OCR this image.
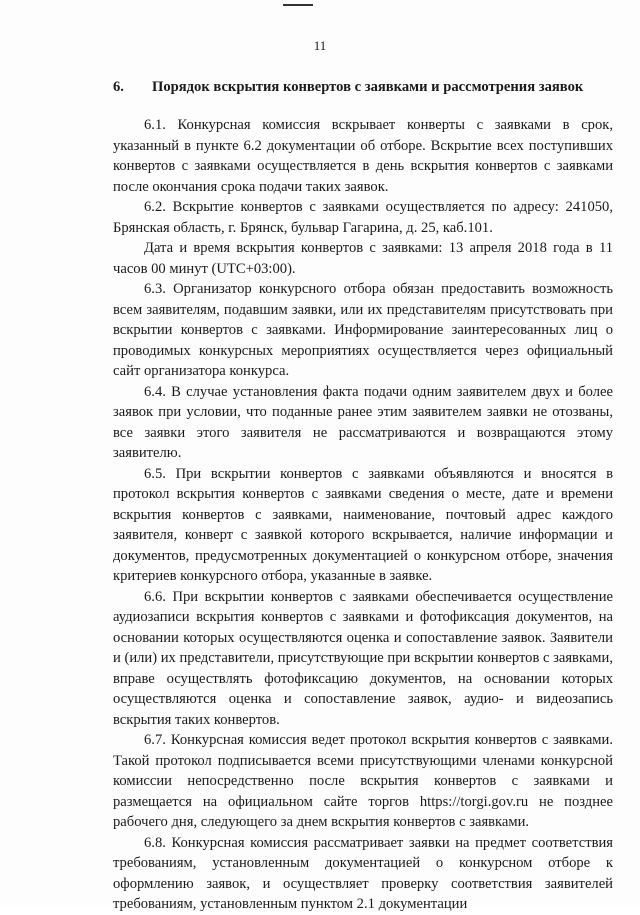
11
6. Порядок вскрытия конвертов с заявками и рассмотрения заявок

6.1. Конкурсная комиссия вскрывает конверты с заявками в срок, указанный в пункте 6.2 документации об отборе. Вскрытие всех поступивших конвертов с заявками осуществляется в день вскрытия конвертов с заявками после окончания срока подачи таких заявок.

6.2. Вскрытие конвертов с заявками осуществляется по адресу: 241050, Брянская область, г. Брянск, бульвар Гагарина, д. 25, каб.101.

Дата и время вскрытия конвертов с заявками: 13 апреля 2018 года в 11 часов 00 минут (UTC+03:00).

6.3. Организатор конкурсного отбора обязан предоставить возможность всем заявителям, подавшим заявки, или их представителям присутствовать при вскрытии конвертов с заявками. Информирование заинтересованных лиц о проводимых конкурсных мероприятиях осуществляется через официальный сайт организатора конкурса.

6.4. В случае установления факта подачи одним заявителем двух и более заявок при условии, что поданные ранее этим заявителем заявки не отозваны, все заявки этого заявителя не рассматриваются и возвращаются этому заявителю.

6.5. При вскрытии конвертов с заявками объявляются и вносятся в протокол вскрытия конвертов с заявками сведения о месте, дате и времени вскрытия конвертов с заявками, наименование, почтовый адрес каждого заявителя, конверт с заявкой которого вскрывается, наличие информации и документов, предусмотренных документацией о конкурсном отборе, значения критериев конкурсного отбора, указанные в заявке.

6.6. При вскрытии конвертов с заявками обеспечивается осуществление аудиозаписи вскрытия конвертов с заявками и фотофиксация документов, на основании которых осуществляются оценка и сопоставление заявок. Заявители и (или) их представители, присутствующие при вскрытии конвертов с заявками, вправе осуществлять фотофиксацию документов, на основании которых осуществляются оценка и сопоставление заявок, аудио- и видеозапись вскрытия таких конвертов.

6.7. Конкурсная комиссия ведет протокол вскрытия конвертов с заявками. Такой протокол подписывается всеми присутствующими членами конкурсной комиссии непосредственно после вскрытия конвертов с заявками и размещается на официальном сайте торгов https://torgi.gov.ru не позднее рабочего дня, следующего за днем вскрытия конвертов с заявками.

6.8. Конкурсная комиссия рассматривает заявки на предмет соответствия требованиям, установленным документацией о конкурсном отборе к оформлению заявок, и осуществляет проверку соответствия заявителей требованиям, установленным пунктом 2.1 документации
